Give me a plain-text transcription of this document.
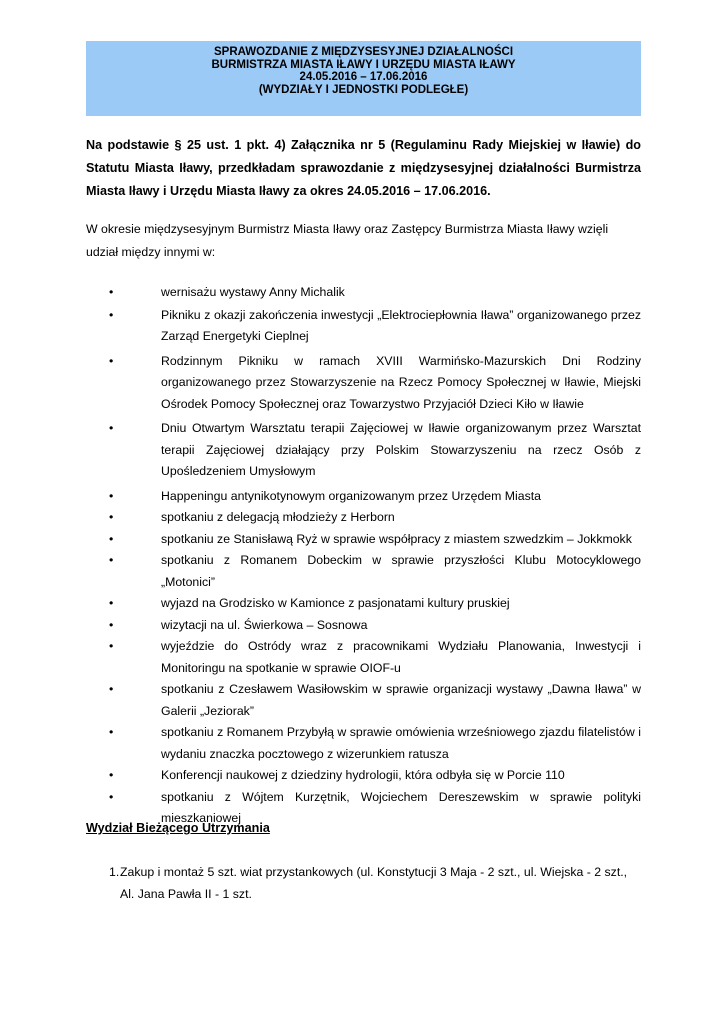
SPRAWOZDANIE Z MIĘDZYSESYJNEJ DZIAŁALNOŚCI
BURMISTRZA MIASTA IŁAWY I URZĘDU MIASTA IŁAWY
24.05.2016 – 17.06.2016
(WYDZIAŁY I JEDNOSTKI PODLEGŁE)
Na podstawie § 25 ust. 1 pkt. 4) Załącznika nr 5 (Regulaminu Rady Miejskiej w Iławie) do Statutu Miasta Iławy, przedkładam sprawozdanie z międzysesyjnej działalności Burmistrza Miasta Iławy i Urzędu Miasta Iławy za okres 24.05.2016 – 17.06.2016.
W okresie międzysesyjnym Burmistrz Miasta Iławy oraz Zastępcy Burmistrza Miasta Iławy wzięli udział między innymi w:
•	wernisażu wystawy Anny Michalik
•	Pikniku z okazji zakończenia inwestycji „Elektrociepłownia Iława” organizowanego przez Zarząd Energetyki Cieplnej
•	Rodzinnym Pikniku w ramach XVIII Warmińsko-Mazurskich Dni Rodziny organizowanego przez Stowarzyszenie na Rzecz Pomocy Społecznej w Iławie, Miejski Ośrodek Pomocy Społecznej oraz Towarzystwo Przyjaciół Dzieci Kiło w Iławie
•	Dniu Otwartym Warsztatu terapii Zajęciowej w Iławie organizowanym przez Warsztat terapii Zajęciowej działający przy Polskim Stowarzyszeniu na rzecz Osób z Upośledzeniem Umysłowym
•	Happeningu antynikotynowym organizowanym przez Urzędem Miasta
•	spotkaniu z delegacją młodzieży z Herborn
•	spotkaniu ze Stanisławą Ryż w sprawie współpracy z miastem szwedzkim – Jokkmokk
•	spotkaniu z Romanem Dobeckim w sprawie przyszłości Klubu Motocyklowego „Motonici”
•	wyjazd na Grodzisko w Kamionce z pasjonatami kultury pruskiej
•	wizytacji na ul. Świerkowa – Sosnowa
•	wyjeździe do Ostródy wraz z pracownikami Wydziału Planowania, Inwestycji i Monitoringu na spotkanie w sprawie OIOF-u
•	spotkaniu z Czesławem Wasiłowskim w sprawie organizacji wystawy „Dawna Iława” w Galerii „Jeziorak”
•	spotkaniu z Romanem Przybyłą w sprawie omówienia wrześniowego zjazdu filatelistów i wydaniu znaczka pocztowego z wizerunkiem ratusza
•	Konferencji naukowej z dziedziny hydrologii, która odbyła się w Porcie 110
•	spotkaniu z Wójtem Kurzętnik, Wojciechem Dereszewskim w sprawie polityki mieszkaniowej
Wydział Bieżącego Utrzymania
1. Zakup i montaż 5 szt. wiat przystankowych (ul. Konstytucji 3 Maja - 2 szt., ul. Wiejska - 2 szt., Al. Jana Pawła II - 1 szt.
